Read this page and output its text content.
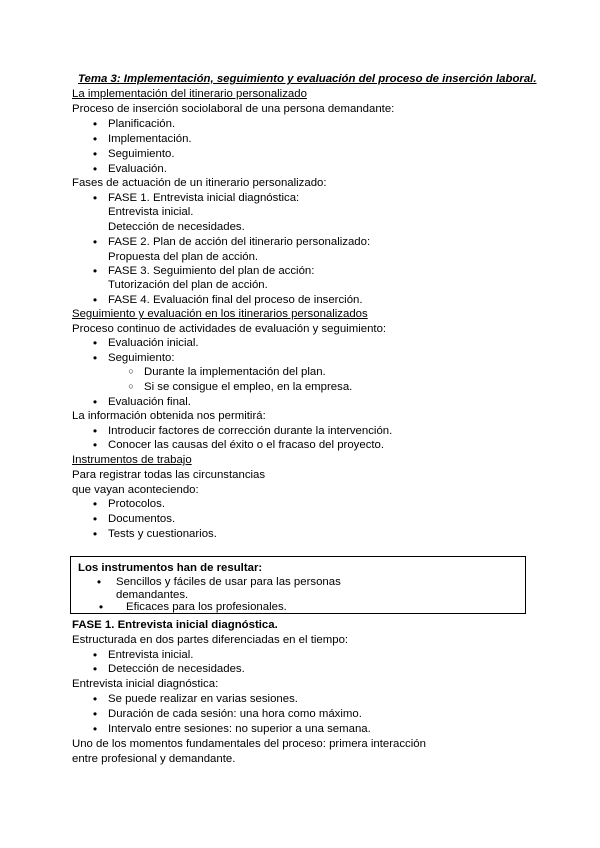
Tema 3: Implementación, seguimiento y evaluación del proceso de inserción laboral.
La implementación del itinerario personalizado
Proceso de inserción sociolaboral de una persona demandante:
●
Planificación.
●
Implementación.
●
Seguimiento.
●
Evaluación.
Fases de actuación de un itinerario personalizado:
●
FASE 1. Entrevista inicial diagnóstica:
Entrevista inicial.
Detección de necesidades.
●
FASE 2. Plan de acción del itinerario personalizado:
Propuesta del plan de acción.
●
FASE 3. Seguimiento del plan de acción:
Tutorización del plan de acción.
●
FASE 4. Evaluación final del proceso de inserción.
Seguimiento y evaluación en los itinerarios personalizados
Proceso continuo de actividades de evaluación y seguimiento:
●
Evaluación inicial.
●
Seguimiento:
○
Durante la implementación del plan.
○
Si se consigue el empleo, en la empresa.
●
Evaluación final.
La información obtenida nos permitirá:
●
Introducir factores de corrección durante la intervención.
●
Conocer las causas del éxito o el fracaso del proyecto.
Instrumentos de trabajo
Para registrar todas las circunstancias
que vayan aconteciendo:
●
Protocolos.
●
Documentos.
●
Tests y cuestionarios.
Los instrumentos han de resultar:
●
Sencillos y fáciles de usar para las personas
demandantes.
●
Eficaces para los profesionales.
FASE 1. Entrevista inicial diagnóstica.
Estructurada en dos partes diferenciadas en el tiempo:
●
Entrevista inicial.
●
Detección de necesidades.
Entrevista inicial diagnóstica:
●
Se puede realizar en varias sesiones.
●
Duración de cada sesión: una hora como máximo.
●
Intervalo entre sesiones: no superior a una semana.
Uno de los momentos fundamentales del proceso: primera interacción
entre profesional y demandante.
